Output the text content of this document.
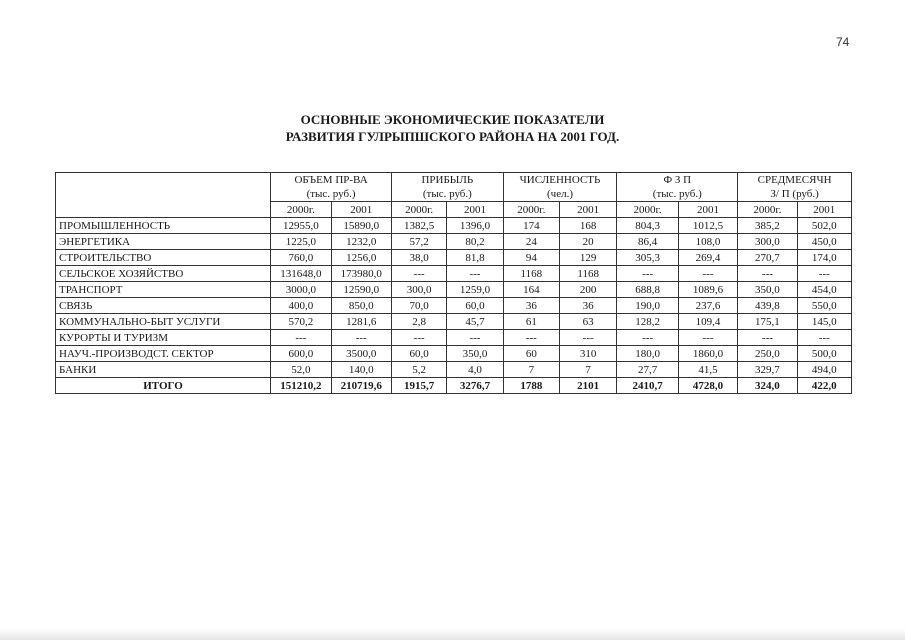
74
ОСНОВНЫЕ ЭКОНОМИЧЕСКИЕ ПОКАЗАТЕЛИ
РАЗВИТИЯ ГУЛРЫПШСКОГО РАЙОНА НА 2001 ГОД.

	ОБЪЕМ ПР-ВА
(тыс. руб.)		ПРИБЫЛЬ
(тыс. руб.)		ЧИСЛЕННОСТЬ
(чел.)		Ф З П
(тыс. руб.)		СРЕДМЕСЯЧН
З/ П (руб.)	

	2000г.	2001	2000г.	2001	2000г.	2001	2000г.	2001	2000г.	2001
ПРОМЫШЛЕННОСТЬ	12955,0	15890,0	1382,5	1396,0	174	168	804,3	1012,5	385,2	502,0
ЭНЕРГЕТИКА	1225,0	1232,0	57,2	80,2	24	20	86,4	108,0	300,0	450,0
СТРОИТЕЛЬСТВО	760,0	1256,0	38,0	81,8	94	129	305,3	269,4	270,7	174,0
СЕЛЬСКОЕ ХОЗЯЙСТВО	131648,0	173980,0	---	---	1168	1168	---	---	---	---
ТРАНСПОРТ	3000,0	12590,0	300,0	1259,0	164	200	688,8	1089,6	350,0	454,0
СВЯЗЬ	400,0	850,0	70,0	60,0	36	36	190,0	237,6	439,8	550,0
КОММУНАЛЬНО-БЫТ УСЛУГИ	570,2	1281,6	2,8	45,7	61	63	128,2	109,4	175,1	145,0
КУРОРТЫ И ТУРИЗМ	---	---	---	---	---	---	---	---	---	---
НАУЧ.-ПРОИЗВОДСТ. СЕКТОР	600,0	3500,0	60,0	350,0	60	310	180,0	1860,0	250,0	500,0
БАНКИ	52,0	140,0	5,2	4,0	7	7	27,7	41,5	329,7	494,0
ИТОГО	151210,2	210719,6	1915,7	3276,7	1788	2101	2410,7	4728,0	324,0	422,0
